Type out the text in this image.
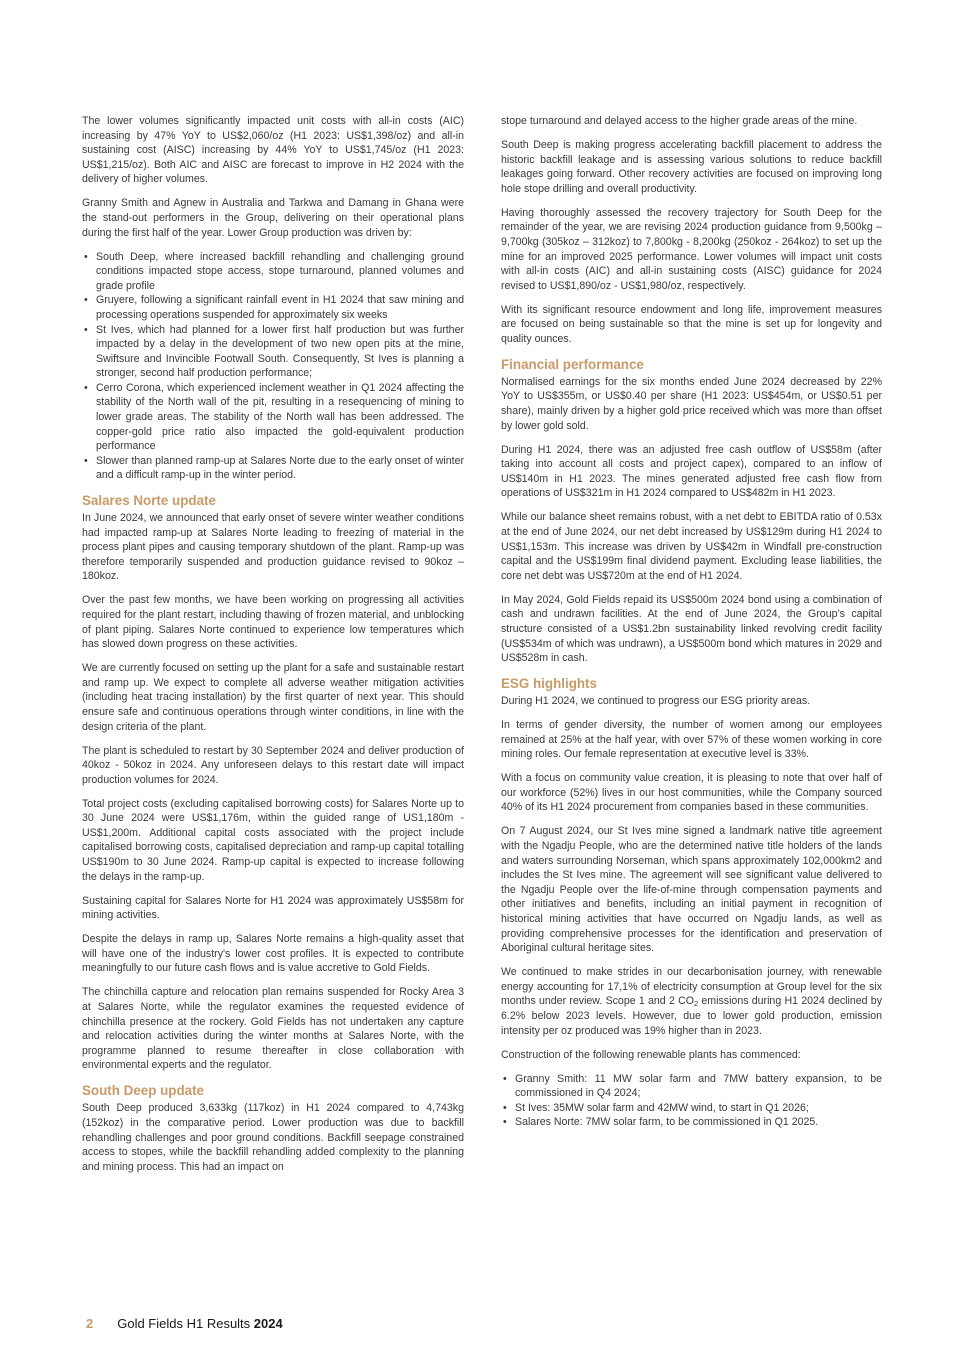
The lower volumes significantly impacted unit costs with all-in costs (AIC) increasing by 47% YoY to US$2,060/oz (H1 2023: US$1,398/oz) and all-in sustaining cost (AISC) increasing by 44% YoY to US$1,745/oz (H1 2023: US$1,215/oz). Both AIC and AISC are forecast to improve in H2 2024 with the delivery of higher volumes.

Granny Smith and Agnew in Australia and Tarkwa and Damang in Ghana were the stand-out performers in the Group, delivering on their operational plans during the first half of the year. Lower Group production was driven by:

• South Deep, where increased backfill rehandling and challenging ground conditions impacted stope access, stope turnaround, planned volumes and grade profile
• Gruyere, following a significant rainfall event in H1 2024 that saw mining and processing operations suspended for approximately six weeks
• St Ives, which had planned for a lower first half production but was further impacted by a delay in the development of two new open pits at the mine, Swiftsure and Invincible Footwall South. Consequently, St Ives is planning a stronger, second half production performance;
• Cerro Corona, which experienced inclement weather in Q1 2024 affecting the stability of the North wall of the pit, resulting in a resequencing of mining to lower grade areas. The stability of the North wall has been addressed. The copper-gold price ratio also impacted the gold-equivalent production performance
• Slower than planned ramp-up at Salares Norte due to the early onset of winter and a difficult ramp-up in the winter period.
Salares Norte update

In June 2024, we announced that early onset of severe winter weather conditions had impacted ramp-up at Salares Norte leading to freezing of material in the process plant pipes and causing temporary shutdown of the plant. Ramp-up was therefore temporarily suspended and production guidance revised to 90koz – 180koz.

Over the past few months, we have been working on progressing all activities required for the plant restart, including thawing of frozen material, and unblocking of plant piping. Salares Norte continued to experience low temperatures which has slowed down progress on these activities.

We are currently focused on setting up the plant for a safe and sustainable restart and ramp up. We expect to complete all adverse weather mitigation activities (including heat tracing installation) by the first quarter of next year. This should ensure safe and continuous operations through winter conditions, in line with the design criteria of the plant.

The plant is scheduled to restart by 30 September 2024 and deliver production of 40koz - 50koz in 2024. Any unforeseen delays to this restart date will impact production volumes for 2024.

Total project costs (excluding capitalised borrowing costs) for Salares Norte up to 30 June 2024 were US$1,176m, within the guided range of US1,180m - US$1,200m. Additional capital costs associated with the project include capitalised borrowing costs, capitalised depreciation and ramp-up capital totalling US$190m to 30 June 2024. Ramp-up capital is expected to increase following the delays in the ramp-up.

Sustaining capital for Salares Norte for H1 2024 was approximately US$58m for mining activities.

Despite the delays in ramp up, Salares Norte remains a high-quality asset that will have one of the industry's lower cost profiles. It is expected to contribute meaningfully to our future cash flows and is value accretive to Gold Fields.

The chinchilla capture and relocation plan remains suspended for Rocky Area 3 at Salares Norte, while the regulator examines the requested evidence of chinchilla presence at the rockery. Gold Fields has not undertaken any capture and relocation activities during the winter months at Salares Norte, with the programme planned to resume thereafter in close collaboration with environmental experts and the regulator.

South Deep update

South Deep produced 3,633kg (117koz) in H1 2024 compared to 4,743kg (152koz) in the comparative period. Lower production was due to backfill rehandling challenges and poor ground conditions. Backfill seepage constrained access to stopes, while the backfill rehandling added complexity to the planning and mining process. This had an impact on

stope turnaround and delayed access to the higher grade areas of the mine.

South Deep is making progress accelerating backfill placement to address the historic backfill leakage and is assessing various solutions to reduce backfill leakages going forward. Other recovery activities are focused on improving long hole stope drilling and overall productivity.

Having thoroughly assessed the recovery trajectory for South Deep for the remainder of the year, we are revising 2024 production guidance from 9,500kg – 9,700kg (305koz – 312koz) to 7,800kg - 8,200kg (250koz - 264koz) to set up the mine for an improved 2025 performance. Lower volumes will impact unit costs with all-in costs (AIC) and all-in sustaining costs (AISC) guidance for 2024 revised to US$1,890/oz - US$1,980/oz, respectively.

With its significant resource endowment and long life, improvement measures are focused on being sustainable so that the mine is set up for longevity and quality ounces.

Financial performance

Normalised earnings for the six months ended June 2024 decreased by 22% YoY to US$355m, or US$0.40 per share (H1 2023: US$454m, or US$0.51 per share), mainly driven by a higher gold price received which was more than offset by lower gold sold.

During H1 2024, there was an adjusted free cash outflow of US$58m (after taking into account all costs and project capex), compared to an inflow of US$140m in H1 2023. The mines generated adjusted free cash flow from operations of US$321m in H1 2024 compared to US$482m in H1 2023.

While our balance sheet remains robust, with a net debt to EBITDA ratio of 0.53x at the end of June 2024, our net debt increased by US$129m during H1 2024 to US$1,153m. This increase was driven by US$42m in Windfall pre-construction capital and the US$199m final dividend payment. Excluding lease liabilities, the core net debt was US$720m at the end of H1 2024.

In May 2024, Gold Fields repaid its US$500m 2024 bond using a combination of cash and undrawn facilities. At the end of June 2024, the Group’s capital structure consisted of a US$1.2bn sustainability linked revolving credit facility (US$534m of which was undrawn), a US$500m bond which matures in 2029 and US$528m in cash.

ESG highlights

During H1 2024, we continued to progress our ESG priority areas.

In terms of gender diversity, the number of women among our employees remained at 25% at the half year, with over 57% of these women working in core mining roles. Our female representation at executive level is 33%.

With a focus on community value creation, it is pleasing to note that over half of our workforce (52%) lives in our host communities, while the Company sourced 40% of its H1 2024 procurement from companies based in these communities.

On 7 August 2024, our St Ives mine signed a landmark native title agreement with the Ngadju People, who are the determined native title holders of the lands and waters surrounding Norseman, which spans approximately 102,000km2 and includes the St Ives mine. The agreement will see significant value delivered to the Ngadju People over the life-of-mine through compensation payments and other initiatives and benefits, including an initial payment in recognition of historical mining activities that have occurred on Ngadju lands, as well as providing comprehensive processes for the identification and preservation of Aboriginal cultural heritage sites.

We continued to make strides in our decarbonisation journey, with renewable energy accounting for 17,1% of electricity consumption at Group level for the six months under review. Scope 1 and 2 $CO_2$ emissions during H1 2024 declined by 6.2% below 2023 levels. However, due to lower gold production, emission intensity per oz produced was 19% higher than in 2023.

Construction of the following renewable plants has commenced:

• Granny Smith: 11 MW solar farm and 7MW battery expansion, to be commissioned in Q4 2024;
• St Ives: 35MW solar farm and 42MW wind, to start in Q1 2026;
• Salares Norte: 7MW solar farm, to be commissioned in Q1 2025.
2 Gold Fields H1 Results 2024
